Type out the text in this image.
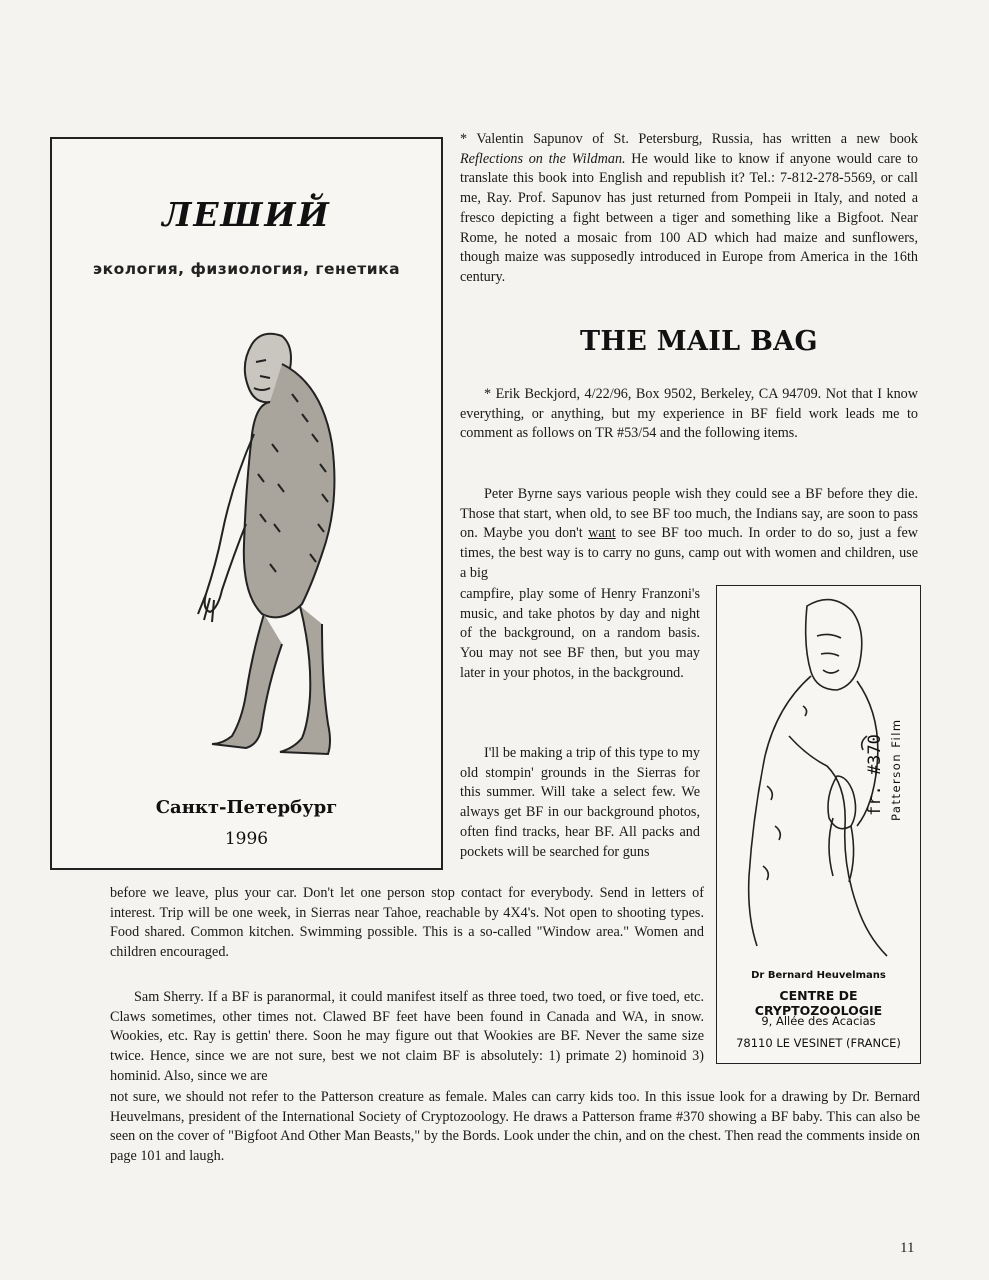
ЛЕШИЙ
экология, физиология, генетика
Санкт-Петербург
1996
* Valentin Sapunov of St. Petersburg, Russia, has written a new book Reflections on the Wildman. He would like to know if anyone would care to translate this book into English and republish it? Tel.: 7-812-278-5569, or call me, Ray. Prof. Sapunov has just returned from Pompeii in Italy, and noted a fresco depicting a fight between a tiger and something like a Bigfoot. Near Rome, he noted a mosaic from 100 AD which had maize and sunflowers, though maize was supposedly introduced in Europe from America in the 16th century.
THE MAIL BAG
* Erik Beckjord, 4/22/96, Box 9502, Berkeley, CA 94709. Not that I know everything, or anything, but my experience in BF field work leads me to comment as follows on TR #53/54 and the following items.
Peter Byrne says various people wish they could see a BF before they die. Those that start, when old, to see BF too much, the Indians say, are soon to pass on. Maybe you don't want to see BF too much. In order to do so, just a few times, the best way is to carry no guns, camp out with women and children, use a big
campfire, play some of Henry Franzoni's music, and take photos by day and night of the background, on a random basis. You may not see BF then, but you may later in your photos, in the background.
I'll be making a trip of this type to my old stompin' grounds in the Sierras for this summer. Will take a select few. We always get BF in our background photos, often find tracks, hear BF. All packs and pockets will be searched for guns
before we leave, plus your car. Don't let one person stop contact for everybody. Send in letters of interest. Trip will be one week, in Sierras near Tahoe, reachable by 4X4's. Not open to shooting types. Food shared. Common kitchen. Swimming possible. This is a so-called "Window area." Women and children encouraged.
Sam Sherry. If a BF is paranormal, it could manifest itself as three toed, two toed, or five toed, etc. Claws sometimes, other times not. Clawed BF feet have been found in Canada and WA, in snow. Wookies, etc. Ray is gettin' there. Soon he may figure out that Wookies are BF. Never the same size twice. Hence, since we are not sure, best we not claim BF is absolutely: 1) primate 2) hominoid 3) hominid. Also, since we are
not sure, we should not refer to the Patterson creature as female. Males can carry kids too. In this issue look for a drawing by Dr. Bernard Heuvelmans, president of the International Society of Cryptozoology. He draws a Patterson frame #370 showing a BF baby. This can also be seen on the cover of "Bigfoot And Other Man Beasts," by the Bords. Look under the chin, and on the chest. Then read the comments inside on page 101 and laugh.
fr. #370 Patterson Film
Dr Bernard Heuvelmans
CENTRE DE CRYPTOZOOLOGIE
9, Allée des Acacias
78110 LE VESINET (FRANCE)
11
